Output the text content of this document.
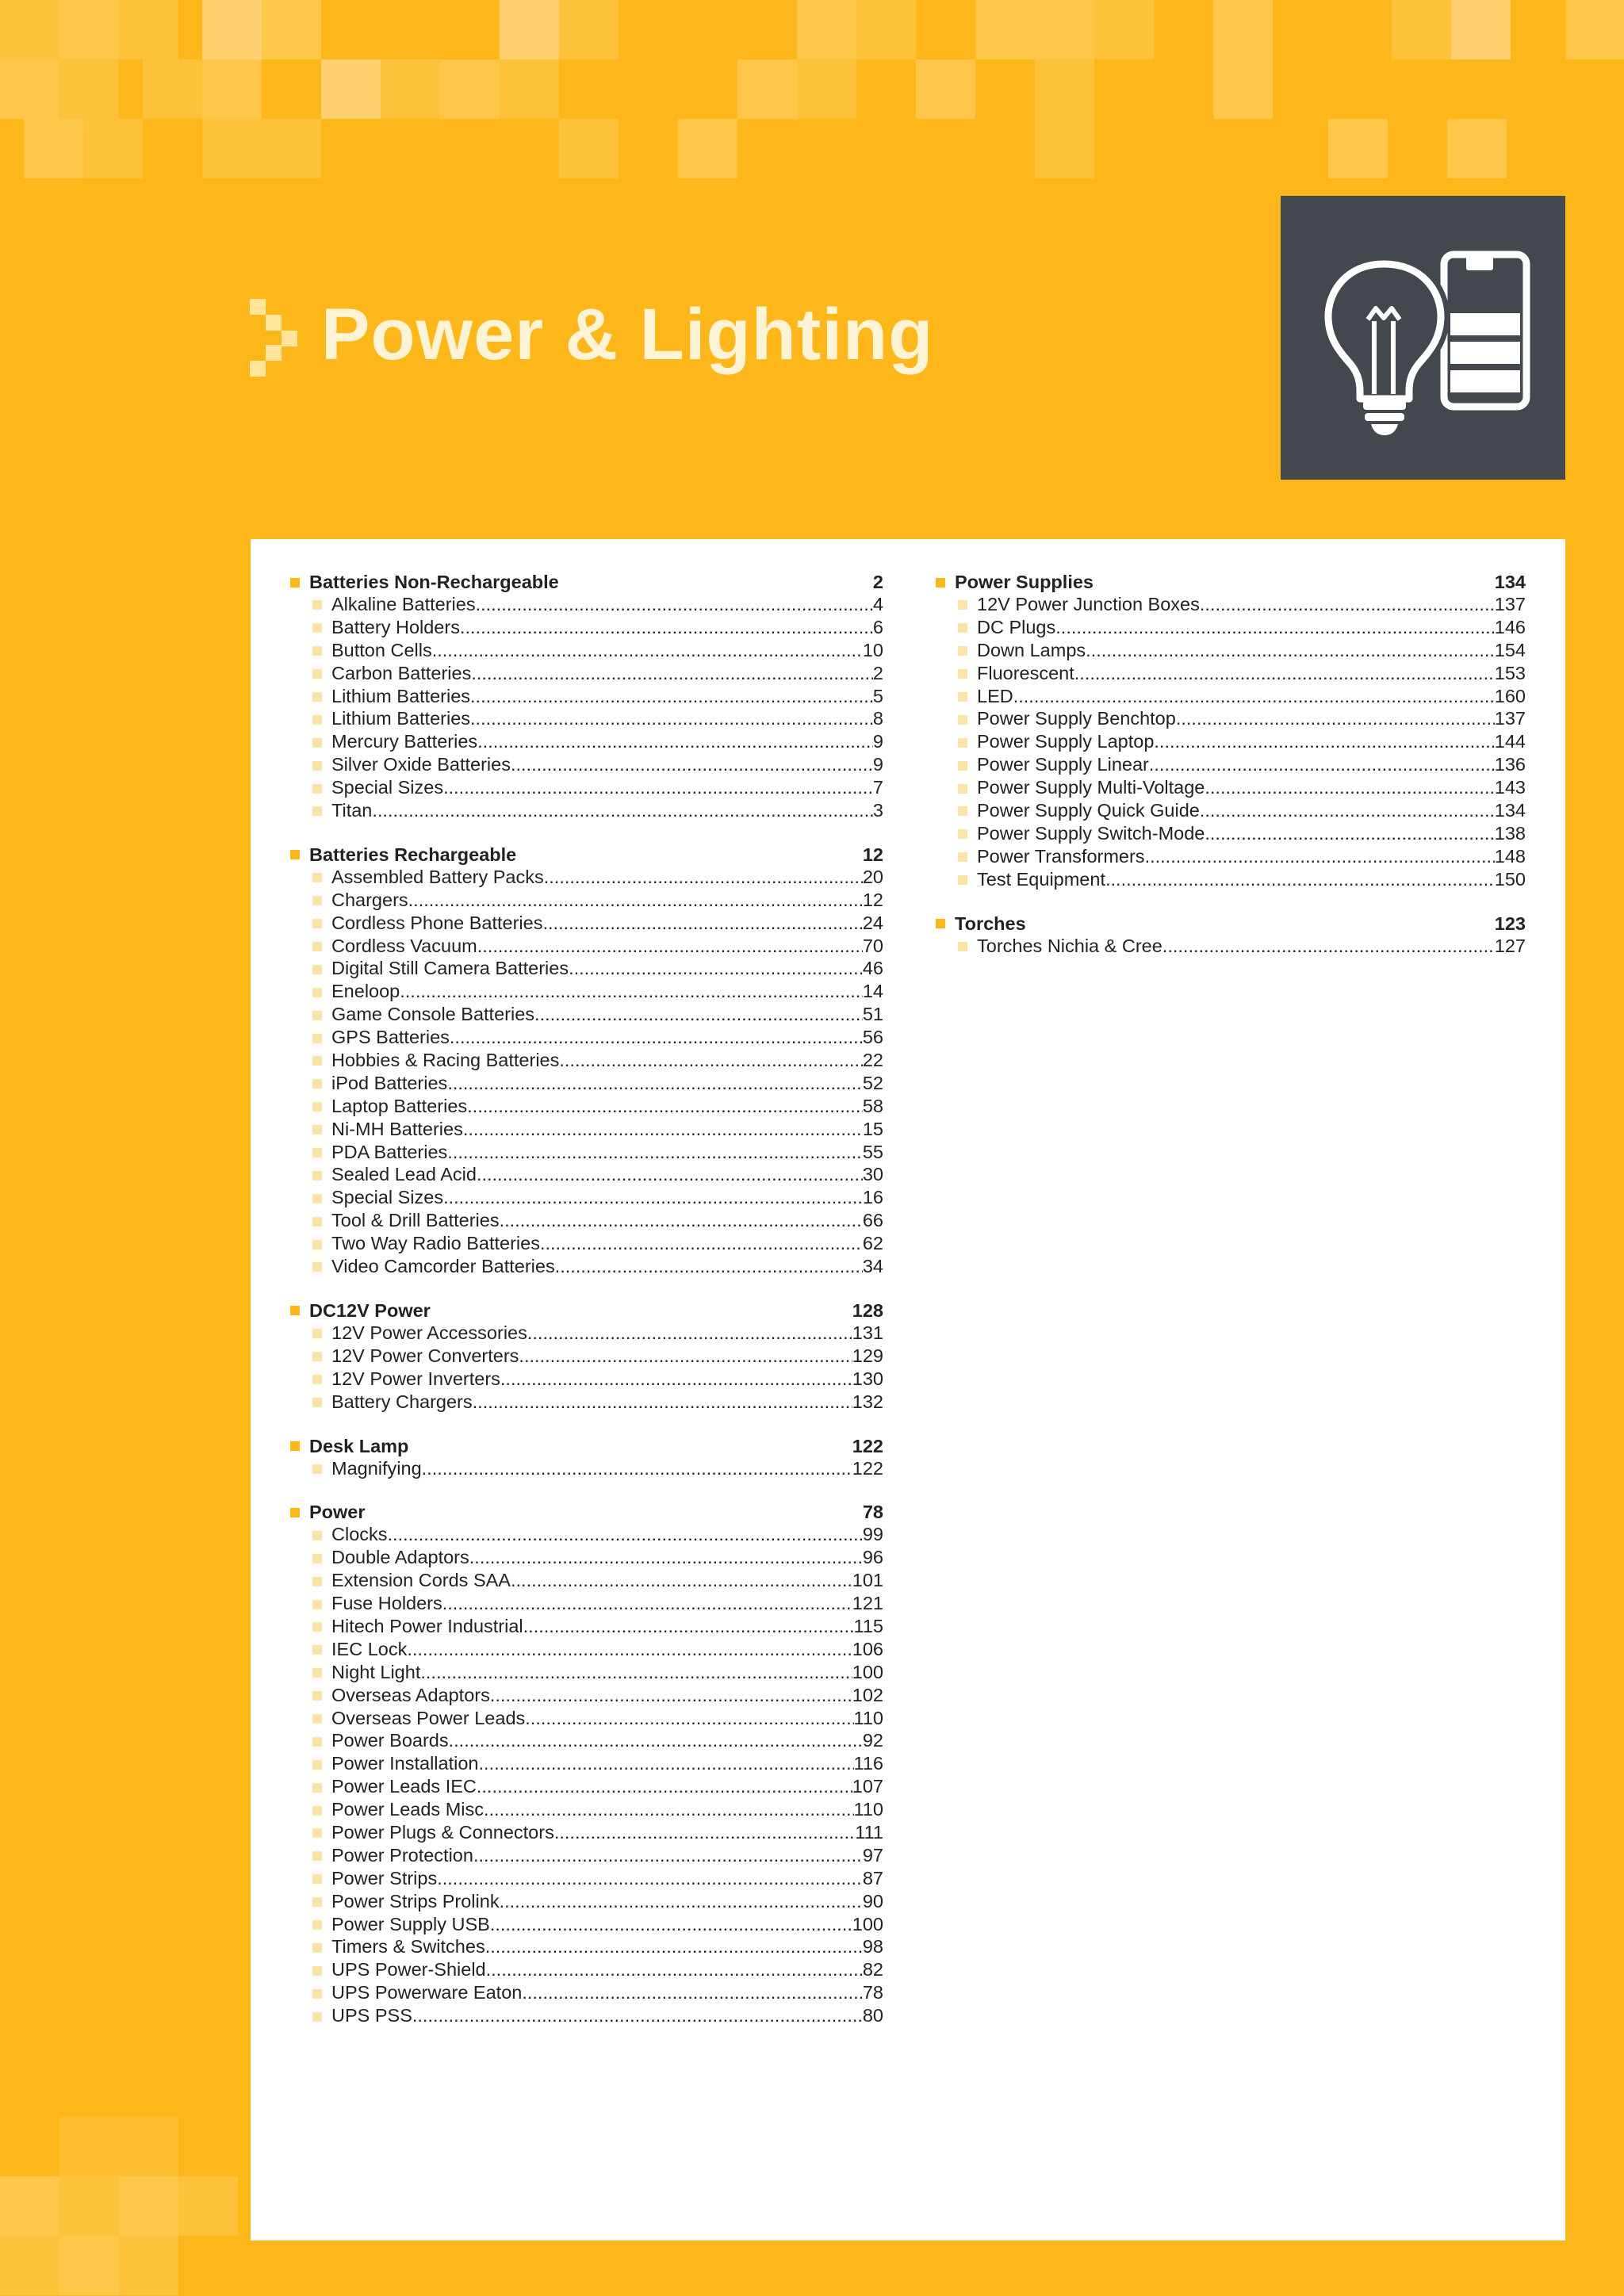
Power & Lighting
Batteries Non-Rechargeable	2
Alkaline Batteries .....	4
Battery Holders .....	6
Button Cells .....	10
Carbon Batteries .....	2
Lithium Batteries .....	5
Lithium Batteries .....	8
Mercury Batteries .....	9
Silver Oxide Batteries .....	9
Special Sizes .....	7
Titan .....	3
Batteries Rechargeable	12
Assembled Battery Packs .....	20
Chargers .....	12
Cordless Phone Batteries .....	24
Cordless Vacuum .....	70
Digital Still Camera Batteries .....	46
Eneloop .....	14
Game Console Batteries .....	51
GPS Batteries .....	56
Hobbies & Racing Batteries .....	22
iPod Batteries .....	52
Laptop Batteries .....	58
Ni-MH Batteries .....	15
PDA Batteries .....	55
Sealed Lead Acid .....	30
Special Sizes .....	16
Tool & Drill Batteries .....	66
Two Way Radio Batteries .....	62
Video Camcorder Batteries .....	34
DC12V Power	128
12V Power Accessories .....	131
12V Power Converters .....	129
12V Power Inverters .....	130
Battery Chargers .....	132
Desk Lamp	122
Magnifying .....	122
Power	78
Clocks .....	99
Double Adaptors .....	96
Extension Cords SAA .....	101
Fuse Holders .....	121
Hitech Power Industrial .....	115
IEC Lock .....	106
Night Light .....	100
Overseas Adaptors .....	102
Overseas Power Leads .....	110
Power Boards .....	92
Power Installation .....	116
Power Leads IEC .....	107
Power Leads Misc .....	110
Power Plugs & Connectors .....	111
Power Protection .....	97
Power Strips .....	87
Power Strips Prolink .....	90
Power Supply USB .....	100
Timers & Switches .....	98
UPS Power-Shield .....	82
UPS Powerware Eaton .....	78
UPS PSS .....	80
Power Supplies	134
12V Power Junction Boxes .....	137
DC Plugs .....	146
Down Lamps .....	154
Fluorescent .....	153
LED .....	160
Power Supply Benchtop .....	137
Power Supply Laptop .....	144
Power Supply Linear .....	136
Power Supply Multi-Voltage .....	143
Power Supply Quick Guide .....	134
Power Supply Switch-Mode .....	138
Power Transformers .....	148
Test Equipment .....	150
Torches	123
Torches Nichia & Cree .....	127
